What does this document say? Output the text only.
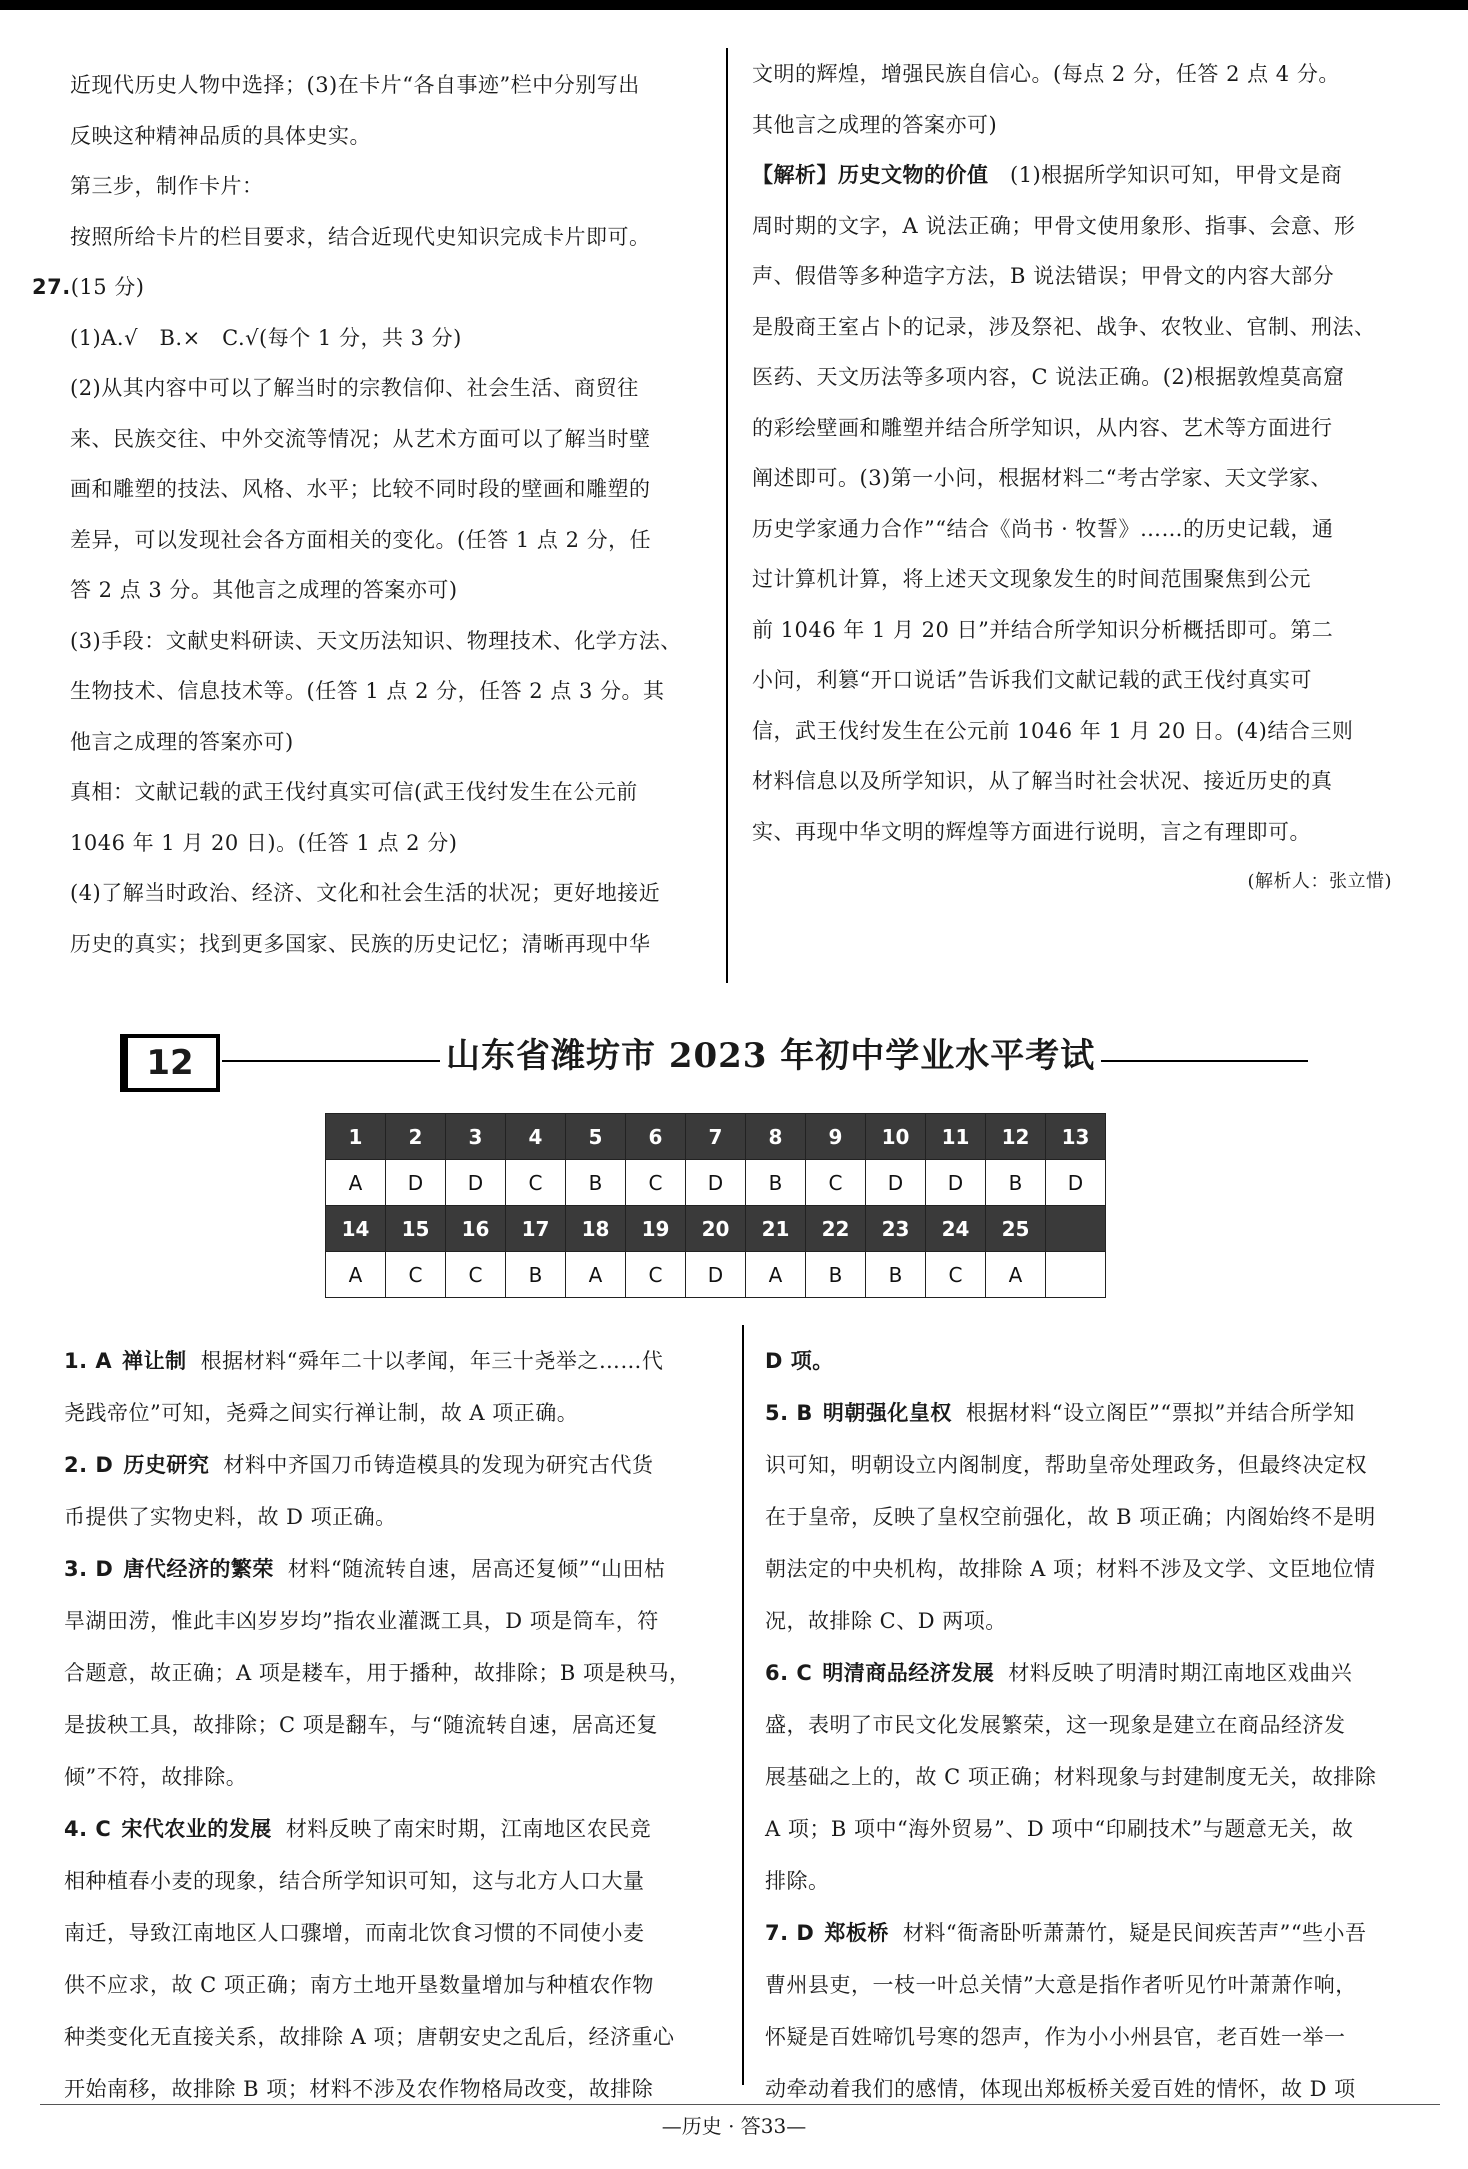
近现代历史人物中选择；(3)在卡片“各自事迹”栏中分别写出

反映这种精神品质的具体史实。

第三步，制作卡片：

按照所给卡片的栏目要求，结合近现代史知识完成卡片即可。

27.(15 分)

(1)A.√　B.×　C.√(每个 1 分，共 3 分)

(2)从其内容中可以了解当时的宗教信仰、社会生活、商贸往

来、民族交往、中外交流等情况；从艺术方面可以了解当时壁

画和雕塑的技法、风格、水平；比较不同时段的壁画和雕塑的

差异，可以发现社会各方面相关的变化。(任答 1 点 2 分，任

答 2 点 3 分。其他言之成理的答案亦可)

(3)手段：文献史料研读、天文历法知识、物理技术、化学方法、

生物技术、信息技术等。(任答 1 点 2 分，任答 2 点 3 分。其

他言之成理的答案亦可)

真相：文献记载的武王伐纣真实可信(武王伐纣发生在公元前

1046 年 1 月 20 日)。(任答 1 点 2 分)

(4)了解当时政治、经济、文化和社会生活的状况；更好地接近

历史的真实；找到更多国家、民族的历史记忆；清晰再现中华

文明的辉煌，增强民族自信心。(每点 2 分，任答 2 点 4 分。

其他言之成理的答案亦可)

【解析】历史文物的价值　(1)根据所学知识可知，甲骨文是商

周时期的文字，A 说法正确；甲骨文使用象形、指事、会意、形

声、假借等多种造字方法，B 说法错误；甲骨文的内容大部分

是殷商王室占卜的记录，涉及祭祀、战争、农牧业、官制、刑法、

医药、天文历法等多项内容，C 说法正确。(2)根据敦煌莫高窟

的彩绘壁画和雕塑并结合所学知识，从内容、艺术等方面进行

阐述即可。(3)第一小问，根据材料二“考古学家、天文学家、

历史学家通力合作”“结合《尚书 · 牧誓》……的历史记载，通

过计算机计算，将上述天文现象发生的时间范围聚焦到公元

前 1046 年 1 月 20 日”并结合所学知识分析概括即可。第二

小问，利篡“开口说话”告诉我们文献记载的武王伐纣真实可

信，武王伐纣发生在公元前 1046 年 1 月 20 日。(4)结合三则

材料信息以及所学知识，从了解当时社会状况、接近历史的真

实、再现中华文明的辉煌等方面进行说明，言之有理即可。

(解析人：张立惜)

12	山东省潍坊市 2023 年初中学业水平考试
1	2	3	4	5	6	7	8	9	10	11	12	13
A	D	D	C	B	C	D	B	C	D	D	B	D
14	15	16	17	18	19	20	21	22	23	24	25	
A	C	C	B	A	C	D	A	B	B	C	A	

1. A 禅让制 根据材料“舜年二十以孝闻，年三十尧举之……代

尧践帝位”可知，尧舜之间实行禅让制，故 A 项正确。

2. D 历史研究 材料中齐国刀币铸造模具的发现为研究古代货

币提供了实物史料，故 D 项正确。

3. D 唐代经济的繁荣 材料“随流转自速，居高还复倾”“山田枯

旱湖田涝，惟此丰凶岁岁均”指农业灌溉工具，D 项是筒车，符

合题意，故正确；A 项是耧车，用于播种，故排除；B 项是秧马，

是拔秧工具，故排除；C 项是翻车，与“随流转自速，居高还复

倾”不符，故排除。

4. C 宋代农业的发展 材料反映了南宋时期，江南地区农民竞

相种植春小麦的现象，结合所学知识可知，这与北方人口大量

南迁，导致江南地区人口骤增，而南北饮食习惯的不同使小麦

供不应求，故 C 项正确；南方土地开垦数量增加与种植农作物

种类变化无直接关系，故排除 A 项；唐朝安史之乱后，经济重心

开始南移，故排除 B 项；材料不涉及农作物格局改变，故排除

D 项。

5. B 明朝强化皇权 根据材料“设立阁臣”“票拟”并结合所学知

识可知，明朝设立内阁制度，帮助皇帝处理政务，但最终决定权

在于皇帝，反映了皇权空前强化，故 B 项正确；内阁始终不是明

朝法定的中央机构，故排除 A 项；材料不涉及文学、文臣地位情

况，故排除 C、D 两项。

6. C 明清商品经济发展 材料反映了明清时期江南地区戏曲兴

盛，表明了市民文化发展繁荣，这一现象是建立在商品经济发

展基础之上的，故 C 项正确；材料现象与封建制度无关，故排除

A 项；B 项中“海外贸易”、D 项中“印刷技术”与题意无关，故

排除。

7. D 郑板桥 材料“衙斋卧听萧萧竹，疑是民间疾苦声”“些小吾

曹州县吏，一枝一叶总关情”大意是指作者听见竹叶萧萧作响，

怀疑是百姓啼饥号寒的怨声，作为小小州县官，老百姓一举一

动牵动着我们的感情，体现出郑板桥关爱百姓的情怀，故 D 项

—历史 · 答33—
